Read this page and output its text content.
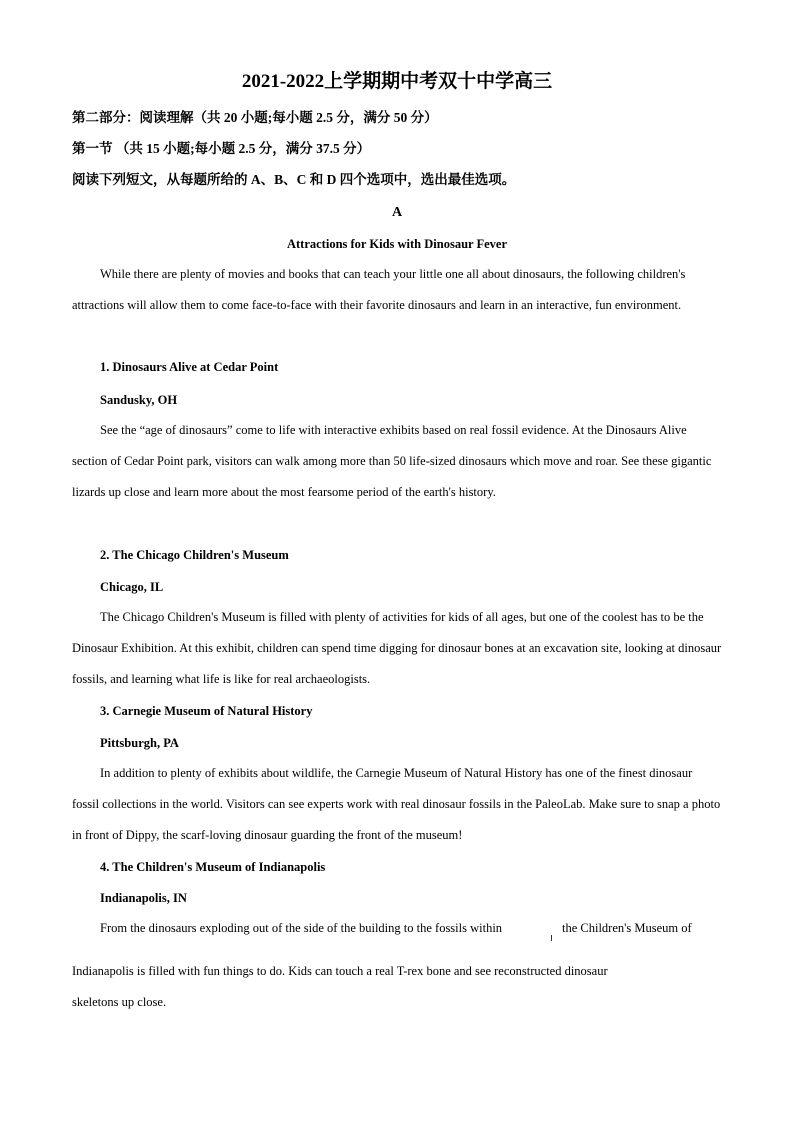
2021-2022上学期期中考双十中学高三
第二部分：阅读理解（共 20 小题;每小题 2.5 分，满分 50 分）
第一节 （共 15 小题;每小题 2.5 分，满分 37.5 分）
阅读下列短文，从每题所给的 A、B、C 和 D 四个选项中，选出最佳选项。
A
Attractions for Kids with Dinosaur Fever

While there are plenty of movies and books that can teach your little one all about dinosaurs, the following children's attractions will allow them to come face-to-face with their favorite dinosaurs and learn in an interactive, fun environment.

1. Dinosaurs Alive at Cedar Point
Sandusky, OH

See the “age of dinosaurs” come to life with interactive exhibits based on real fossil evidence. At the Dinosaurs Alive section of Cedar Point park, visitors can walk among more than 50 life-sized dinosaurs which move and roar. See these gigantic lizards up close and learn more about the most fearsome period of the earth's history.

2. The Chicago Children's Museum
Chicago, IL

The Chicago Children's Museum is filled with plenty of activities for kids of all ages, but one of the coolest has to be the Dinosaur Exhibition. At this exhibit, children can spend time digging for dinosaur bones at an excavation site, looking at dinosaur fossils, and learning what life is like for real archaeologists.

3. Carnegie Museum of Natural History
Pittsburgh, PA

In addition to plenty of exhibits about wildlife, the Carnegie Museum of Natural History has one of the finest dinosaur fossil collections in the world. Visitors can see experts work with real dinosaur fossils in the PaleoLab. Make sure to snap a photo in front of Dippy, the scarf-loving dinosaur guarding the front of the museum!

4. The Children's Museum of Indianapolis
Indianapolis, IN
From the dinosaurs exploding out of the side of the building to the fossils within	the Children's Museum of
Indianapolis is filled with fun things to do. Kids can touch a real T-rex bone and see reconstructed dinosaur
skeletons up close.
